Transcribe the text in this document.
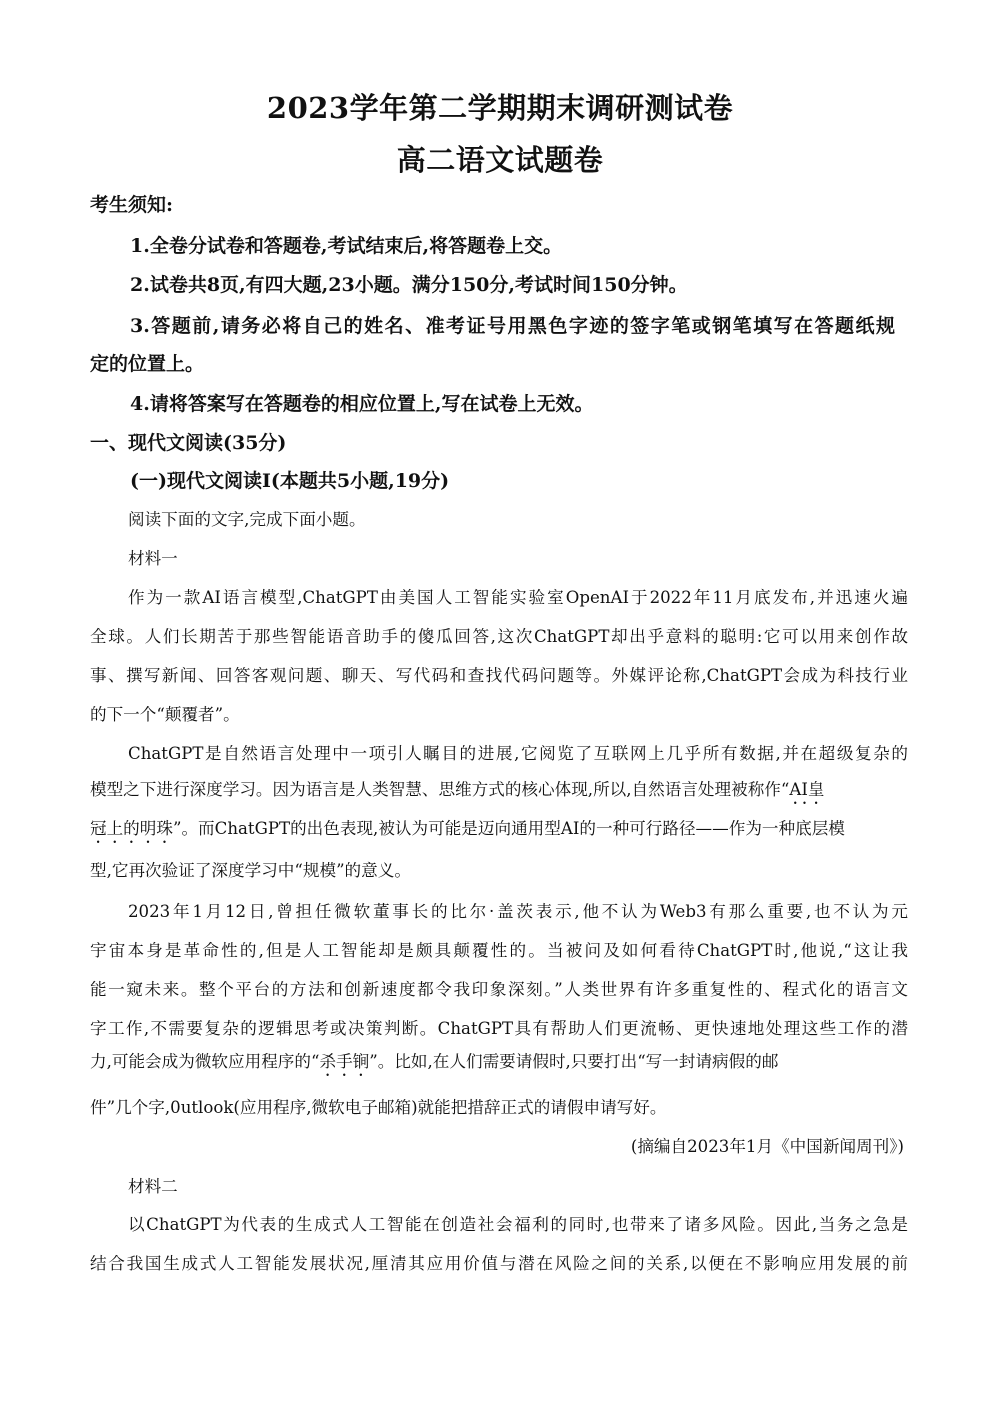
2023学年第二学期期末调研测试卷
高二语文试题卷
考生须知:
1.全卷分试卷和答题卷,考试结束后,将答题卷上交。
2.试卷共8页,有四大题,23小题。满分150分,考试时间150分钟。
3.答题前,请务必将自己的姓名、准考证号用黑色字迹的签字笔或钢笔填写在答题纸规
定的位置上。
4.请将答案写在答题卷的相应位置上,写在试卷上无效。
一、现代文阅读(35分)
(一)现代文阅读Ⅰ(本题共5小题,19分)
阅读下面的文字,完成下面小题。
材料一
作为一款AI语言模型,ChatGPT由美国人工智能实验室OpenAI于2022年11月底发布,并迅速火遍
全球。人们长期苦于那些智能语音助手的傻瓜回答,这次ChatGPT却出乎意料的聪明:它可以用来创作故
事、撰写新闻、回答客观问题、聊天、写代码和查找代码问题等。外媒评论称,ChatGPT会成为科技行业
的下一个“颠覆者”。
ChatGPT是自然语言处理中一项引人瞩目的进展,它阅览了互联网上几乎所有数据,并在超级复杂的
模型之下进行深度学习。因为语言是人类智慧、思维方式的核心体现,所以,自然语言处理被称作“AI皇
冠上的明珠”。而ChatGPT的出色表现,被认为可能是迈向通用型AI的一种可行路径——作为一种底层模
型,它再次验证了深度学习中“规模”的意义。
2023年1月12日,曾担任微软董事长的比尔·盖茨表示,他不认为Web3有那么重要,也不认为元
宇宙本身是革命性的,但是人工智能却是颇具颠覆性的。当被问及如何看待ChatGPT时,他说,“这让我
能一窥未来。整个平台的方法和创新速度都令我印象深刻。”人类世界有许多重复性的、程式化的语言文
字工作,不需要复杂的逻辑思考或决策判断。ChatGPT具有帮助人们更流畅、更快速地处理这些工作的潜
力,可能会成为微软应用程序的“杀手锏”。比如,在人们需要请假时,只要打出“写一封请病假的邮
件”几个字,0utlook(应用程序,微软电子邮箱)就能把措辞正式的请假申请写好。
(摘编自2023年1月《中国新闻周刊》)
材料二
以ChatGPT为代表的生成式人工智能在创造社会福利的同时,也带来了诸多风险。因此,当务之急是
结合我国生成式人工智能发展状况,厘清其应用价值与潜在风险之间的关系,以便在不影响应用发展的前
